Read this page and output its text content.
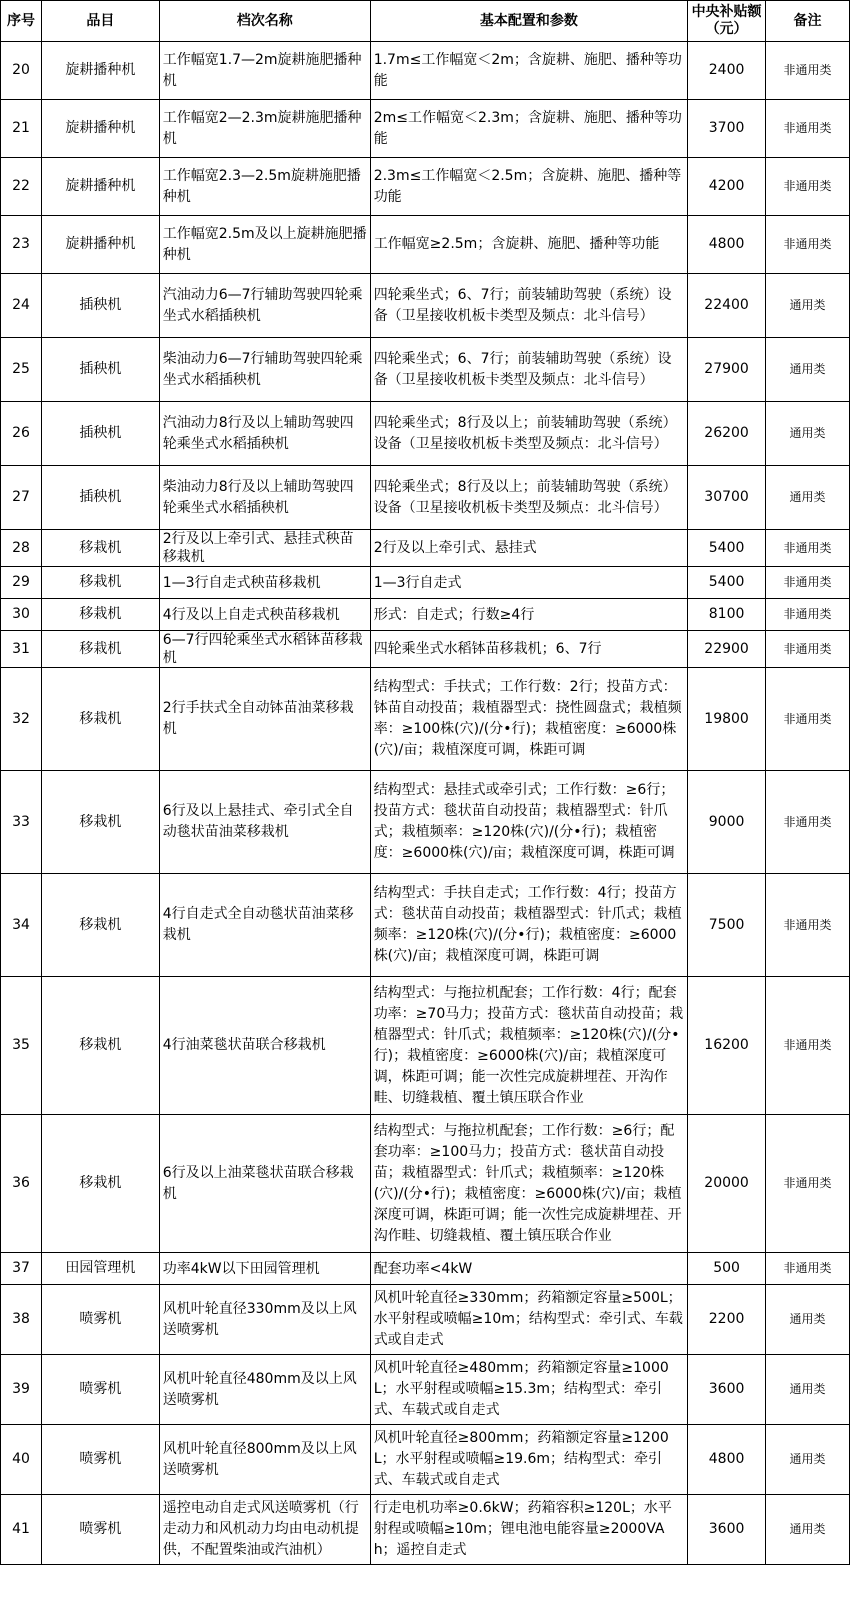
序号	品目	档次名称	基本配置和参数	中央补贴额（元）	备注
20	旋耕播种机	工作幅宽1.7—2m旋耕施肥播种机	1.7m≤工作幅宽＜2m；含旋耕、施肥、播种等功能	2400	非通用类
21	旋耕播种机	工作幅宽2—2.3m旋耕施肥播种机	2m≤工作幅宽＜2.3m；含旋耕、施肥、播种等功能	3700	非通用类
22	旋耕播种机	工作幅宽2.3—2.5m旋耕施肥播种机	2.3m≤工作幅宽＜2.5m；含旋耕、施肥、播种等功能	4200	非通用类
23	旋耕播种机	工作幅宽2.5m及以上旋耕施肥播种机	工作幅宽≥2.5m；含旋耕、施肥、播种等功能	4800	非通用类
24	插秧机	汽油动力6—7行辅助驾驶四轮乘坐式水稻插秧机	四轮乘坐式；6、7行；前装辅助驾驶（系统）设备（卫星接收机板卡类型及频点：北斗信号）	22400	通用类
25	插秧机	柴油动力6—7行辅助驾驶四轮乘坐式水稻插秧机	四轮乘坐式；6、7行；前装辅助驾驶（系统）设备（卫星接收机板卡类型及频点：北斗信号）	27900	通用类
26	插秧机	汽油动力8行及以上辅助驾驶四轮乘坐式水稻插秧机	四轮乘坐式；8行及以上；前装辅助驾驶（系统）设备（卫星接收机板卡类型及频点：北斗信号）	26200	通用类
27	插秧机	柴油动力8行及以上辅助驾驶四轮乘坐式水稻插秧机	四轮乘坐式；8行及以上；前装辅助驾驶（系统）设备（卫星接收机板卡类型及频点：北斗信号）	30700	通用类
28	移栽机	2行及以上牵引式、悬挂式秧苗移栽机	2行及以上牵引式、悬挂式	5400	非通用类
29	移栽机	1—3行自走式秧苗移栽机	1—3行自走式	5400	非通用类
30	移栽机	4行及以上自走式秧苗移栽机	形式：自走式；行数≥4行	8100	非通用类
31	移栽机	6—7行四轮乘坐式水稻钵苗移栽机	四轮乘坐式水稻钵苗移栽机；6、7行	22900	非通用类
32	移栽机	2行手扶式全自动钵苗油菜移栽机	结构型式：手扶式；工作行数：2行；投苗方式：钵苗自动投苗；栽植器型式：挠性圆盘式；栽植频率：≥100株(穴)/(分•行)；栽植密度：≥6000株(穴)/亩；栽植深度可调，株距可调	19800	非通用类
33	移栽机	6行及以上悬挂式、牵引式全自动毯状苗油菜移栽机	结构型式：悬挂式或牵引式；工作行数：≥6行；投苗方式：毯状苗自动投苗；栽植器型式：针爪式；栽植频率：≥120株(穴)/(分•行)；栽植密度：≥6000株(穴)/亩；栽植深度可调，株距可调	9000	非通用类
34	移栽机	4行自走式全自动毯状苗油菜移栽机	结构型式：手扶自走式；工作行数：4行；投苗方式：毯状苗自动投苗；栽植器型式：针爪式；栽植频率：≥120株(穴)/(分•行)；栽植密度：≥6000株(穴)/亩；栽植深度可调，株距可调	7500	非通用类
35	移栽机	4行油菜毯状苗联合移栽机	结构型式：与拖拉机配套；工作行数：4行；配套功率：≥70马力；投苗方式：毯状苗自动投苗；栽植器型式：针爪式；栽植频率：≥120株(穴)/(分•行)；栽植密度：≥6000株(穴)/亩；栽植深度可调，株距可调；能一次性完成旋耕埋茬、开沟作畦、切缝栽植、覆土镇压联合作业	16200	非通用类
36	移栽机	6行及以上油菜毯状苗联合移栽机	结构型式：与拖拉机配套；工作行数：≥6行；配套功率：≥100马力；投苗方式：毯状苗自动投苗；栽植器型式：针爪式；栽植频率：≥120株(穴)/(分•行)；栽植密度：≥6000株(穴)/亩；栽植深度可调，株距可调；能一次性完成旋耕埋茬、开沟作畦、切缝栽植、覆土镇压联合作业	20000	非通用类
37	田园管理机	功率4kW以下田园管理机	配套功率<4kW	500	非通用类
38	喷雾机	风机叶轮直径330mm及以上风送喷雾机	风机叶轮直径≥330mm；药箱额定容量≥500L；水平射程或喷幅≥10m；结构型式：牵引式、车载式或自走式	2200	通用类
39	喷雾机	风机叶轮直径480mm及以上风送喷雾机	风机叶轮直径≥480mm；药箱额定容量≥1000L；水平射程或喷幅≥15.3m；结构型式：牵引式、车载式或自走式	3600	通用类
40	喷雾机	风机叶轮直径800mm及以上风送喷雾机	风机叶轮直径≥800mm；药箱额定容量≥1200L；水平射程或喷幅≥19.6m；结构型式：牵引式、车载式或自走式	4800	通用类
41	喷雾机	遥控电动自走式风送喷雾机（行走动力和风机动力均由电动机提供，不配置柴油或汽油机）	行走电机功率≥0.6kW；药箱容积≥120L；水平射程或喷幅≥10m；锂电池电能容量≥2000VAh；遥控自走式	3600	通用类
